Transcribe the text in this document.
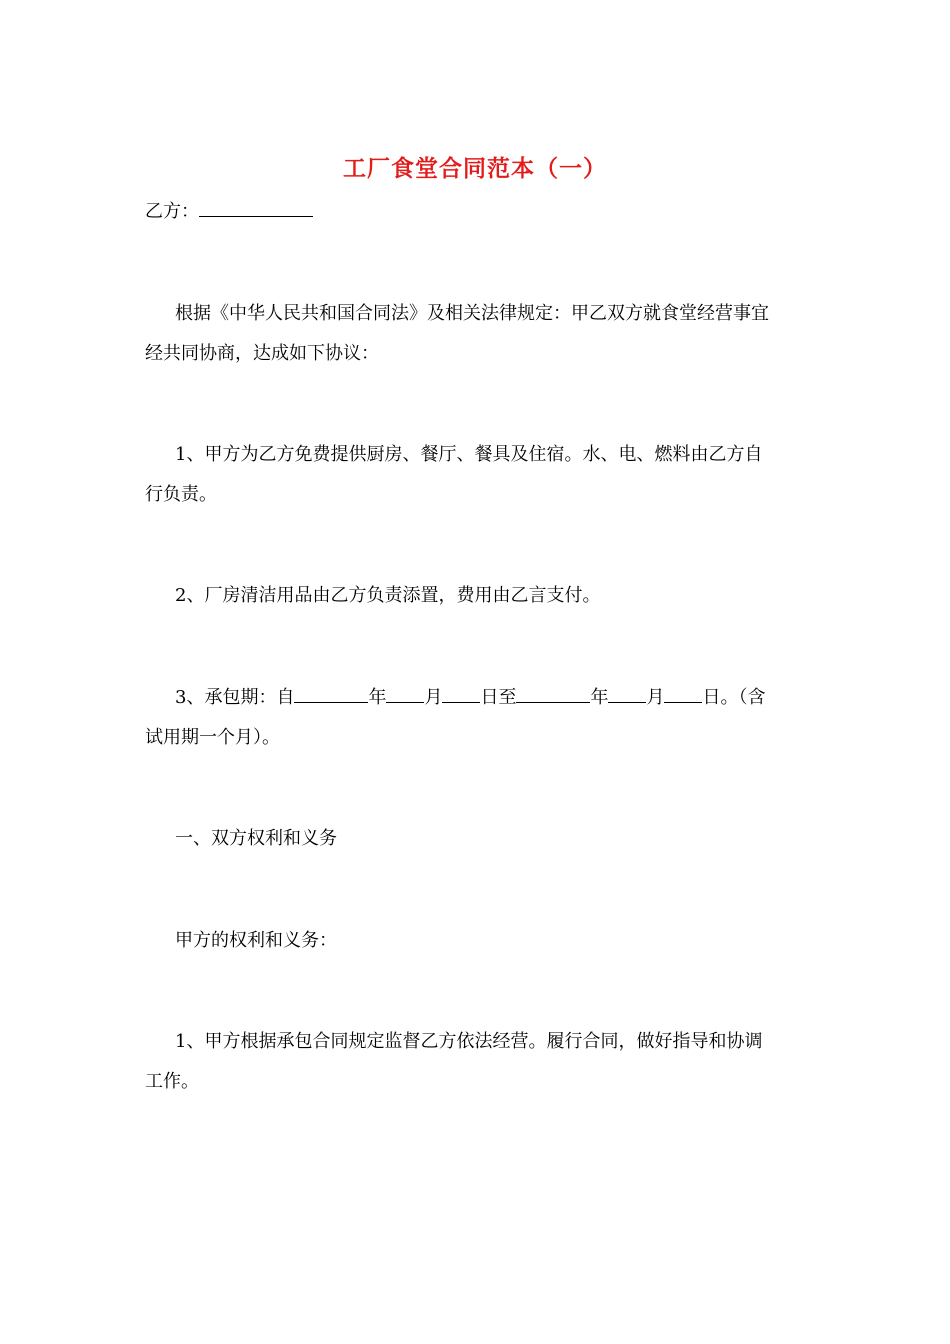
工厂食堂合同范本（一）
乙方：
根据《中华人民共和国合同法》及相关法律规定：甲乙双方就食堂经营事宜
经共同协商，达成如下协议：
1、甲方为乙方免费提供厨房、餐厅、餐具及住宿。水、电、燃料由乙方自
行负责。
2、厂房清洁用品由乙方负责添置，费用由乙言支付。
3、承包期：自	年 月 日至	年 月 日。（含
试用期一个月）。
一、双方权利和义务
甲方的权利和义务：
1、甲方根据承包合同规定监督乙方依法经营。履行合同，做好指导和协调
工作。
